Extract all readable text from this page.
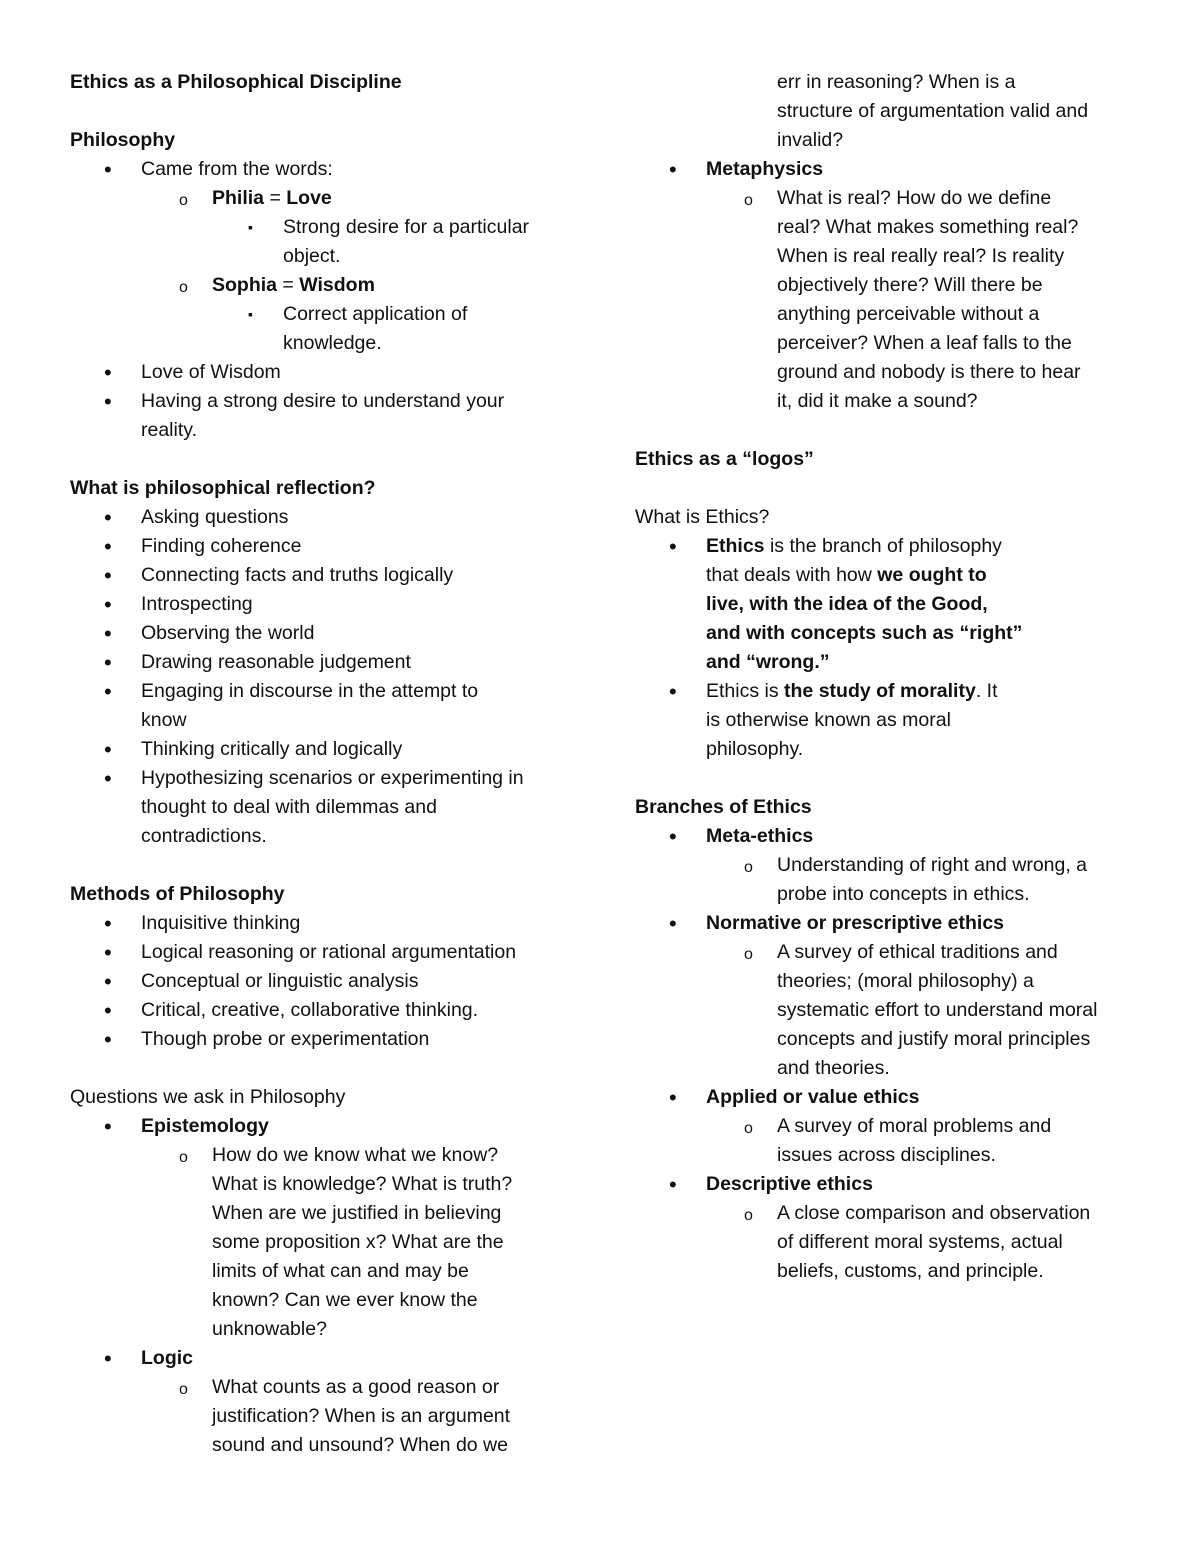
Ethics as a Philosophical Discipline

Philosophy

• Came from the words:
o Philia = Love
▪ Strong desire for a particular
object.
o Sophia = Wisdom
▪ Correct application of
knowledge.
• Love of Wisdom
• Having a strong desire to understand your
reality.

What is philosophical reflection?

• Asking questions
• Finding coherence
• Connecting facts and truths logically
• Introspecting
• Observing the world
• Drawing reasonable judgement
• Engaging in discourse in the attempt to
know
• Thinking critically and logically
• Hypothesizing scenarios or experimenting in
thought to deal with dilemmas and
contradictions.

Methods of Philosophy

• Inquisitive thinking
• Logical reasoning or rational argumentation
• Conceptual or linguistic analysis
• Critical, creative, collaborative thinking.
• Though probe or experimentation

Questions we ask in Philosophy

• Epistemology
o How do we know what we know?
What is knowledge? What is truth?
When are we justified in believing
some proposition x? What are the
limits of what can and may be
known? Can we ever know the
unknowable?
• Logic
o What counts as a good reason or
justification? When is an argument
sound and unsound? When do we
err in reasoning? When is a
structure of argumentation valid and
invalid?
• Metaphysics
o What is real? How do we define
real? What makes something real?
When is real really real? Is reality
objectively there? Will there be
anything perceivable without a
perceiver? When a leaf falls to the
ground and nobody is there to hear
it, did it make a sound?

Ethics as a “logos”

What is Ethics?

• Ethics is the branch of philosophy
that deals with how we ought to
live, with the idea of the Good,
and with concepts such as “right”
and “wrong.”
• Ethics is the study of morality. It
is otherwise known as moral
philosophy.

Branches of Ethics

• Meta-ethics
o Understanding of right and wrong, a
probe into concepts in ethics.
• Normative or prescriptive ethics
o A survey of ethical traditions and
theories; (moral philosophy) a
systematic effort to understand moral
concepts and justify moral principles
and theories.
• Applied or value ethics
o A survey of moral problems and
issues across disciplines.
• Descriptive ethics
o A close comparison and observation
of different moral systems, actual
beliefs, customs, and principle.
